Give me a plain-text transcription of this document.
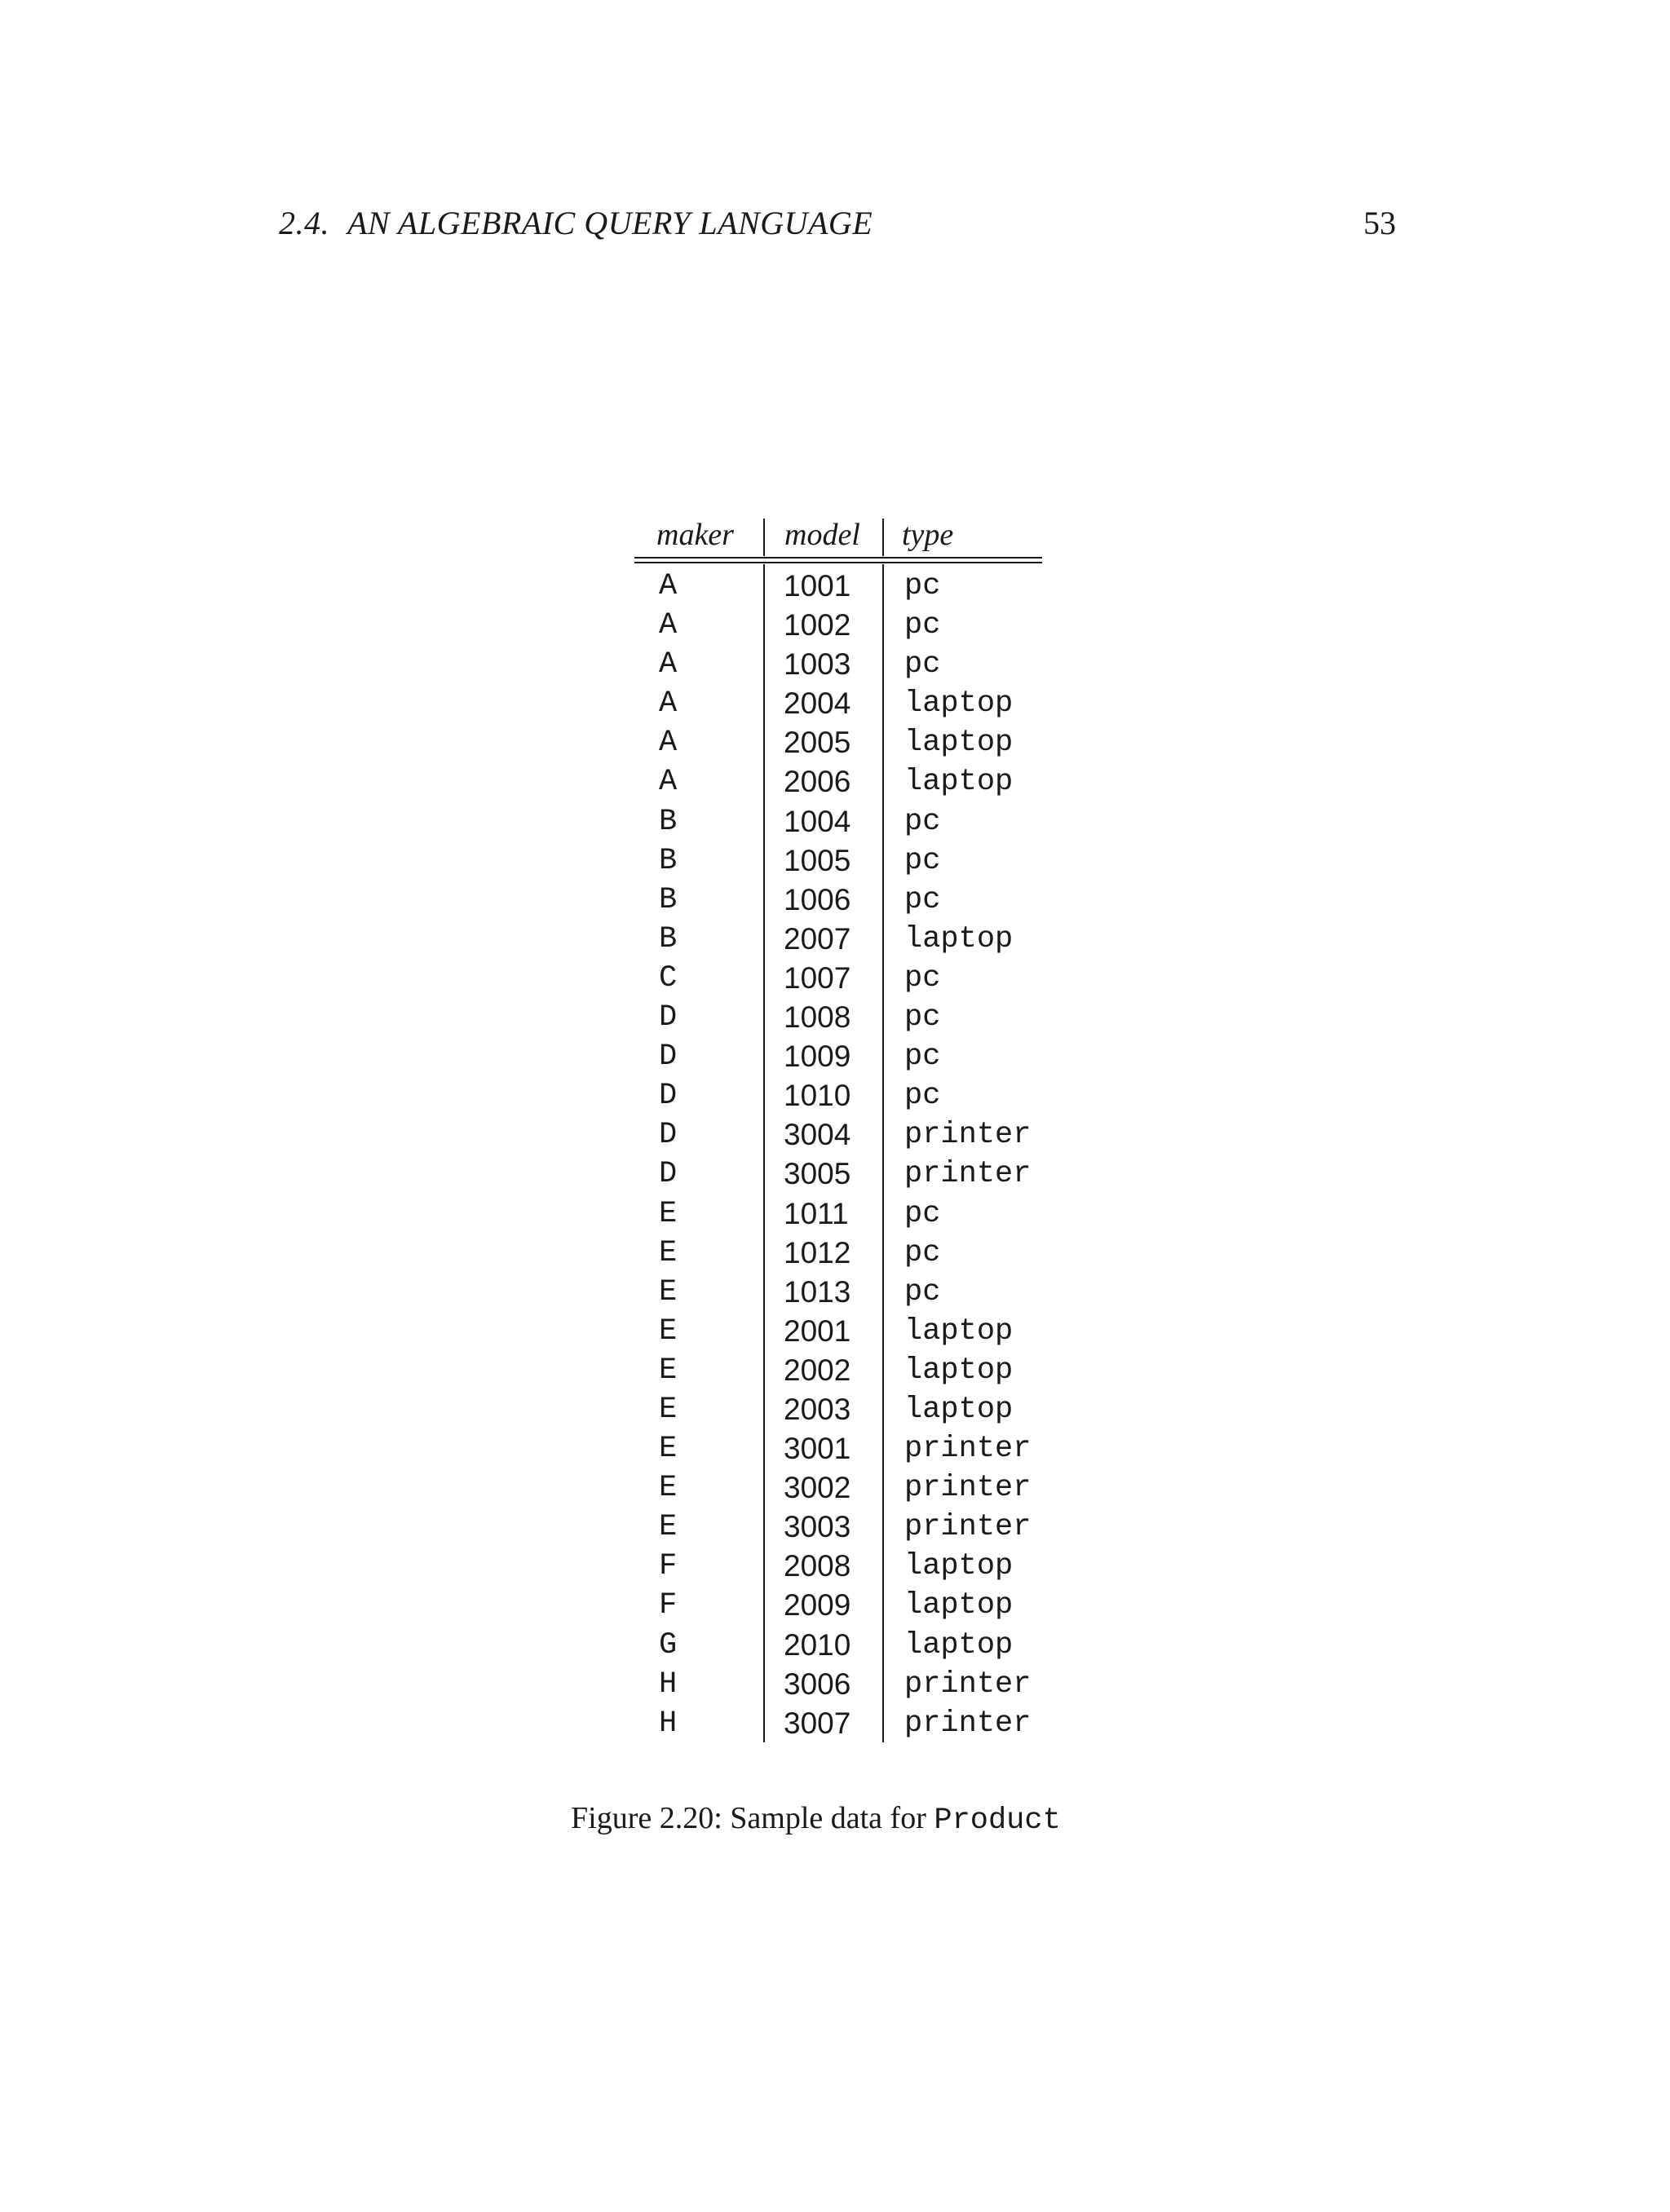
2.4. AN ALGEBRAIC QUERY LANGUAGE	53
maker model type
A	1001 pc
A	1002 pc
A	1003 pc
A	2004 laptop
A	2005 laptop
A	2006 laptop
B	1004 pc
B	1005 pc
B	1006 pc
B	2007 laptop
C	1007 pc
D	1008 pc
D	1009 pc
D	1010 pc
D	3004 printer
D	3005 printer
E	1011 pc
E	1012 pc
E	1013 pc
E	2001 laptop
E	2002 laptop
E	2003 laptop
E	3001 printer
E	3002 printer
E	3003 printer
F	2008 laptop
F	2009 laptop
G	2010 laptop
H	3006 printer
H	3007 printer
Figure 2.20: Sample data for Product
